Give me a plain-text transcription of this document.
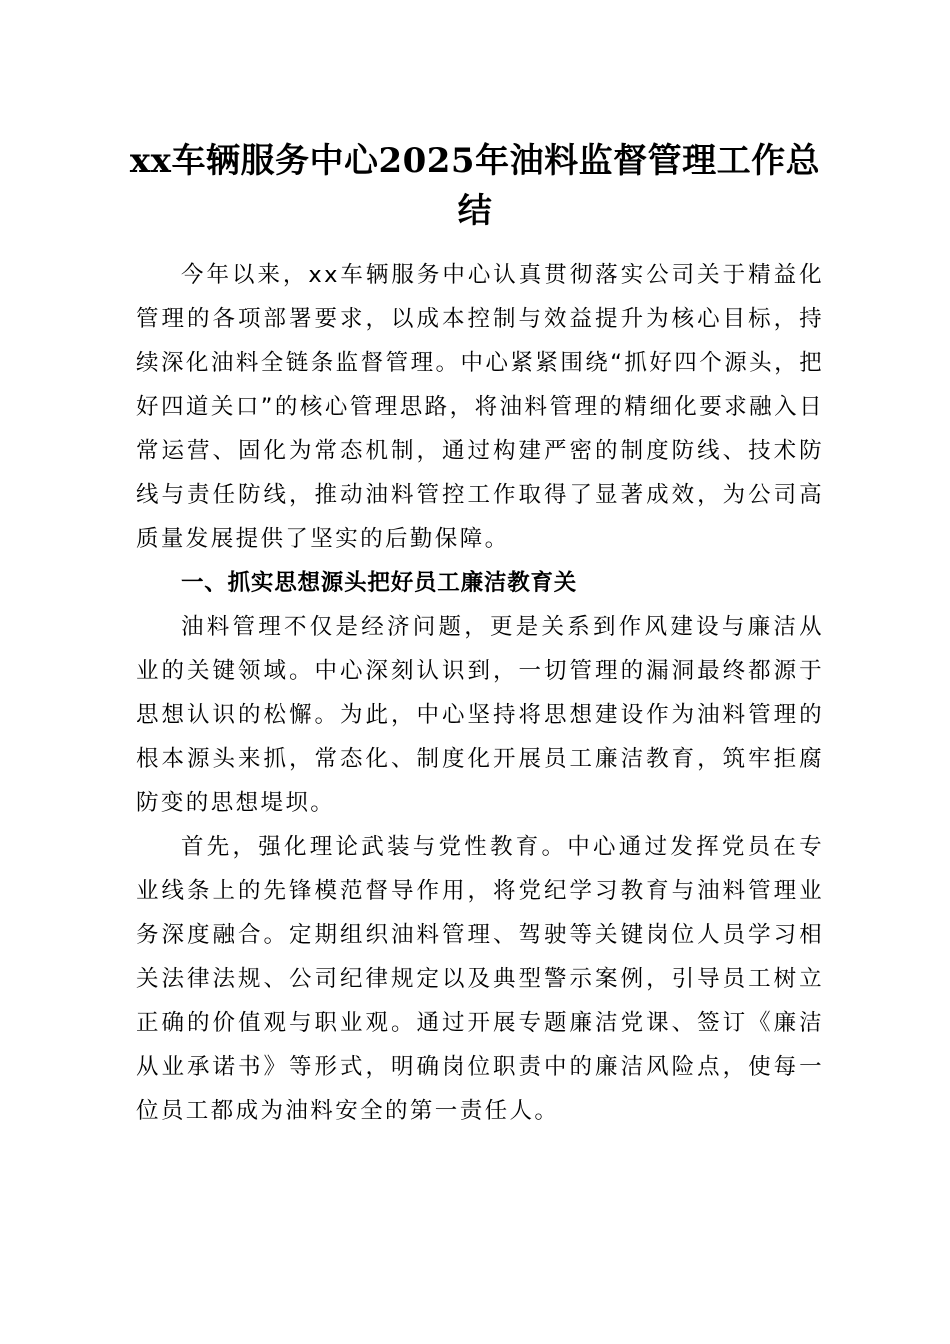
xx车辆服务中心2025年油料监督管理工作总结

今年以来，xx车辆服务中心认真贯彻落实公司关于精益化管理的各项部署要求，以成本控制与效益提升为核心目标，持续深化油料全链条监督管理。中心紧紧围绕“抓好四个源头，把好四道关口”的核心管理思路，将油料管理的精细化要求融入日常运营、固化为常态机制，通过构建严密的制度防线、技术防线与责任防线，推动油料管控工作取得了显著成效，为公司高质量发展提供了坚实的后勤保障。

一、抓实思想源头把好员工廉洁教育关

油料管理不仅是经济问题，更是关系到作风建设与廉洁从业的关键领域。中心深刻认识到，一切管理的漏洞最终都源于思想认识的松懈。为此，中心坚持将思想建设作为油料管理的根本源头来抓，常态化、制度化开展员工廉洁教育，筑牢拒腐防变的思想堤坝。

首先，强化理论武装与党性教育。中心通过发挥党员在专业线条上的先锋模范督导作用，将党纪学习教育与油料管理业务深度融合。定期组织油料管理、驾驶等关键岗位人员学习相关法律法规、公司纪律规定以及典型警示案例，引导员工树立正确的价值观与职业观。通过开展专题廉洁党课、签订《廉洁从业承诺书》等形式，明确岗位职责中的廉洁风险点，使每一位员工都成为油料安全的第一责任人。
